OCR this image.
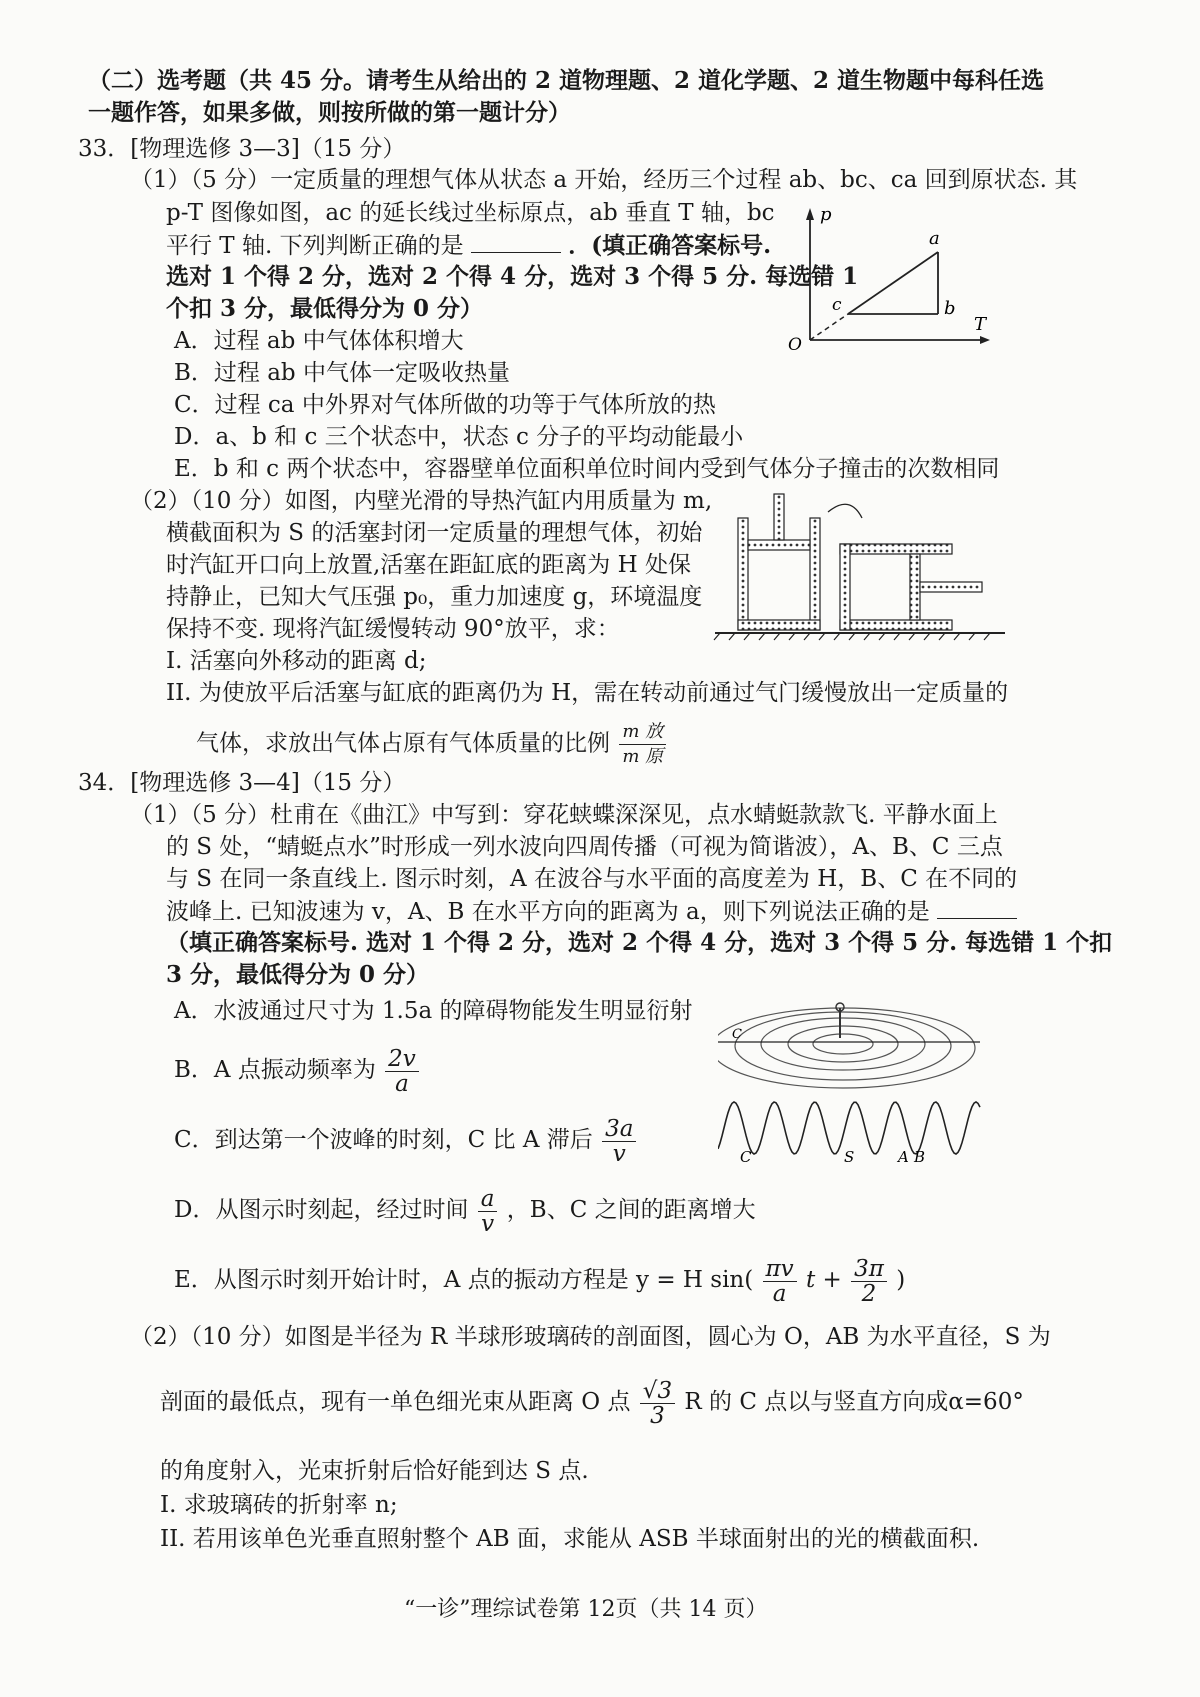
（二）选考题（共 45 分。请考生从给出的 2 道物理题、2 道化学题、2 道生物题中每科任选
一题作答，如果多做，则按所做的第一题计分）
33．[物理选修 3—3]（15 分）
（1）（5 分）一定质量的理想气体从状态 a 开始，经历三个过程 ab、bc、ca 回到原状态. 其
p-T 图像如图，ac 的延长线过坐标原点，ab 垂直 T 轴，bc
平行 T 轴. 下列判断正确的是	．(填正确答案标号.
选对 1 个得 2 分，选对 2 个得 4 分，选对 3 个得 5 分. 每选错 1
个扣 3 分，最低得分为 0 分）
A．过程 ab 中气体体积增大
B．过程 ab 中气体一定吸收热量
C．过程 ca 中外界对气体所做的功等于气体所放的热
D．a、b 和 c 三个状态中，状态 c 分子的平均动能最小
E．b 和 c 两个状态中，容器壁单位面积单位时间内受到气体分子撞击的次数相同
p
T
O
a
b
c
（2）（10 分）如图，内壁光滑的导热汽缸内用质量为 m,
横截面积为 S 的活塞封闭一定质量的理想气体，初始
时汽缸开口向上放置,活塞在距缸底的距离为 H 处保
持静止，已知大气压强 p₀，重力加速度 g，环境温度
保持不变. 现将汽缸缓慢转动 90°放平，求：
I. 活塞向外移动的距离 d;
II. 为使放平后活塞与缸底的距离仍为 H，需在转动前通过气门缓慢放出一定质量的
气体，求放出气体占原有气体质量的比例 $\frac{\text{m 放}}{\text{m 原}}$
34．[物理选修 3—4]（15 分）
（1）（5 分）杜甫在《曲江》中写到：穿花蛱蝶深深见，点水蜻蜓款款飞. 平静水面上
的 S 处，“蜻蜓点水”时形成一列水波向四周传播（可视为简谐波），A、B、C 三点
与 S 在同一条直线上. 图示时刻，A 在波谷与水平面的高度差为 H，B、C 在不同的
波峰上. 已知波速为 v，A、B 在水平方向的距离为 a，则下列说法正确的是
（填正确答案标号. 选对 1 个得 2 分，选对 2 个得 4 分，选对 3 个得 5 分. 每选错 1 个扣
3 分，最低得分为 0 分）
A．水波通过尺寸为 1.5a 的障碍物能发生明显衍射
B．A 点振动频率为 $\frac{2v}{a}$
C．到达第一个波峰的时刻，C 比 A 滞后 $\frac{3a}{v}$
D．从图示时刻起，经过时间 $\frac{a}{v}$ ，B、C 之间的距离增大
E．从图示时刻开始计时，A 点的振动方程是 y = H $\sin( \frac{\pi v}{a}$ $t + \frac{3\pi}{2}$ )
C
C	S	A B
（2）（10 分）如图是半径为 R 半球形玻璃砖的剖面图，圆心为 O，AB 为水平直径，S 为
剖面的最低点，现有一单色细光束从距离 O 点 $\frac{√3}{3}$ R 的 C 点以与竖直方向成α=60°
的角度射入，光束折射后恰好能到达 S 点.
I. 求玻璃砖的折射率 n;
II. 若用该单色光垂直照射整个 AB 面，求能从 ASB 半球面射出的光的横截面积.
“一诊”理综试卷第 12页（共 14 页）
